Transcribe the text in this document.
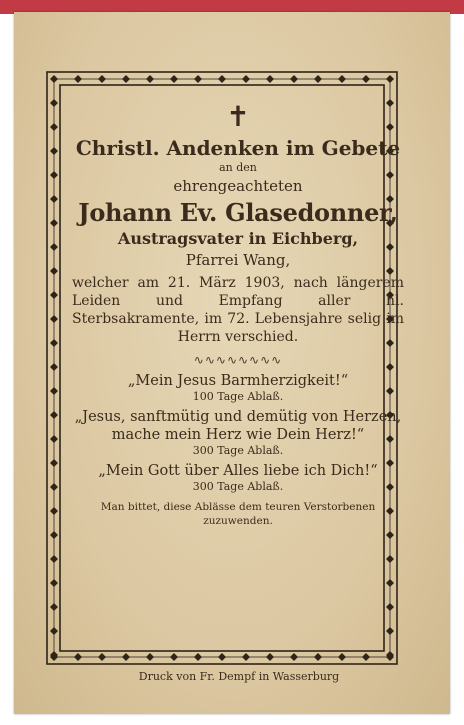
✝
Christl. Andenken im Gebete
an den
ehrengeachteten
Johann Ev. Glasedonner,
Austragsvater in Eichberg,
Pfarrei Wang,
welcher am 21. März 1903, nach längerem Leiden und Empfang aller hl. Sterbsakramente, im 72. Lebensjahre selig im Herrn verschied.
∿∿∿∿∿∿∿∿
„Mein Jesus Barmherzigkeit!“
100 Tage Ablaß.
„Jesus, sanftmütig und demütig von Herzen, mache mein Herz wie Dein Herz!“
300 Tage Ablaß.
„Mein Gott über Alles liebe ich Dich!“
300 Tage Ablaß.
Man bittet, diese Ablässe dem teuren Verstorbenen zuzuwenden.
Druck von Fr. Dempf in Wasserburg
